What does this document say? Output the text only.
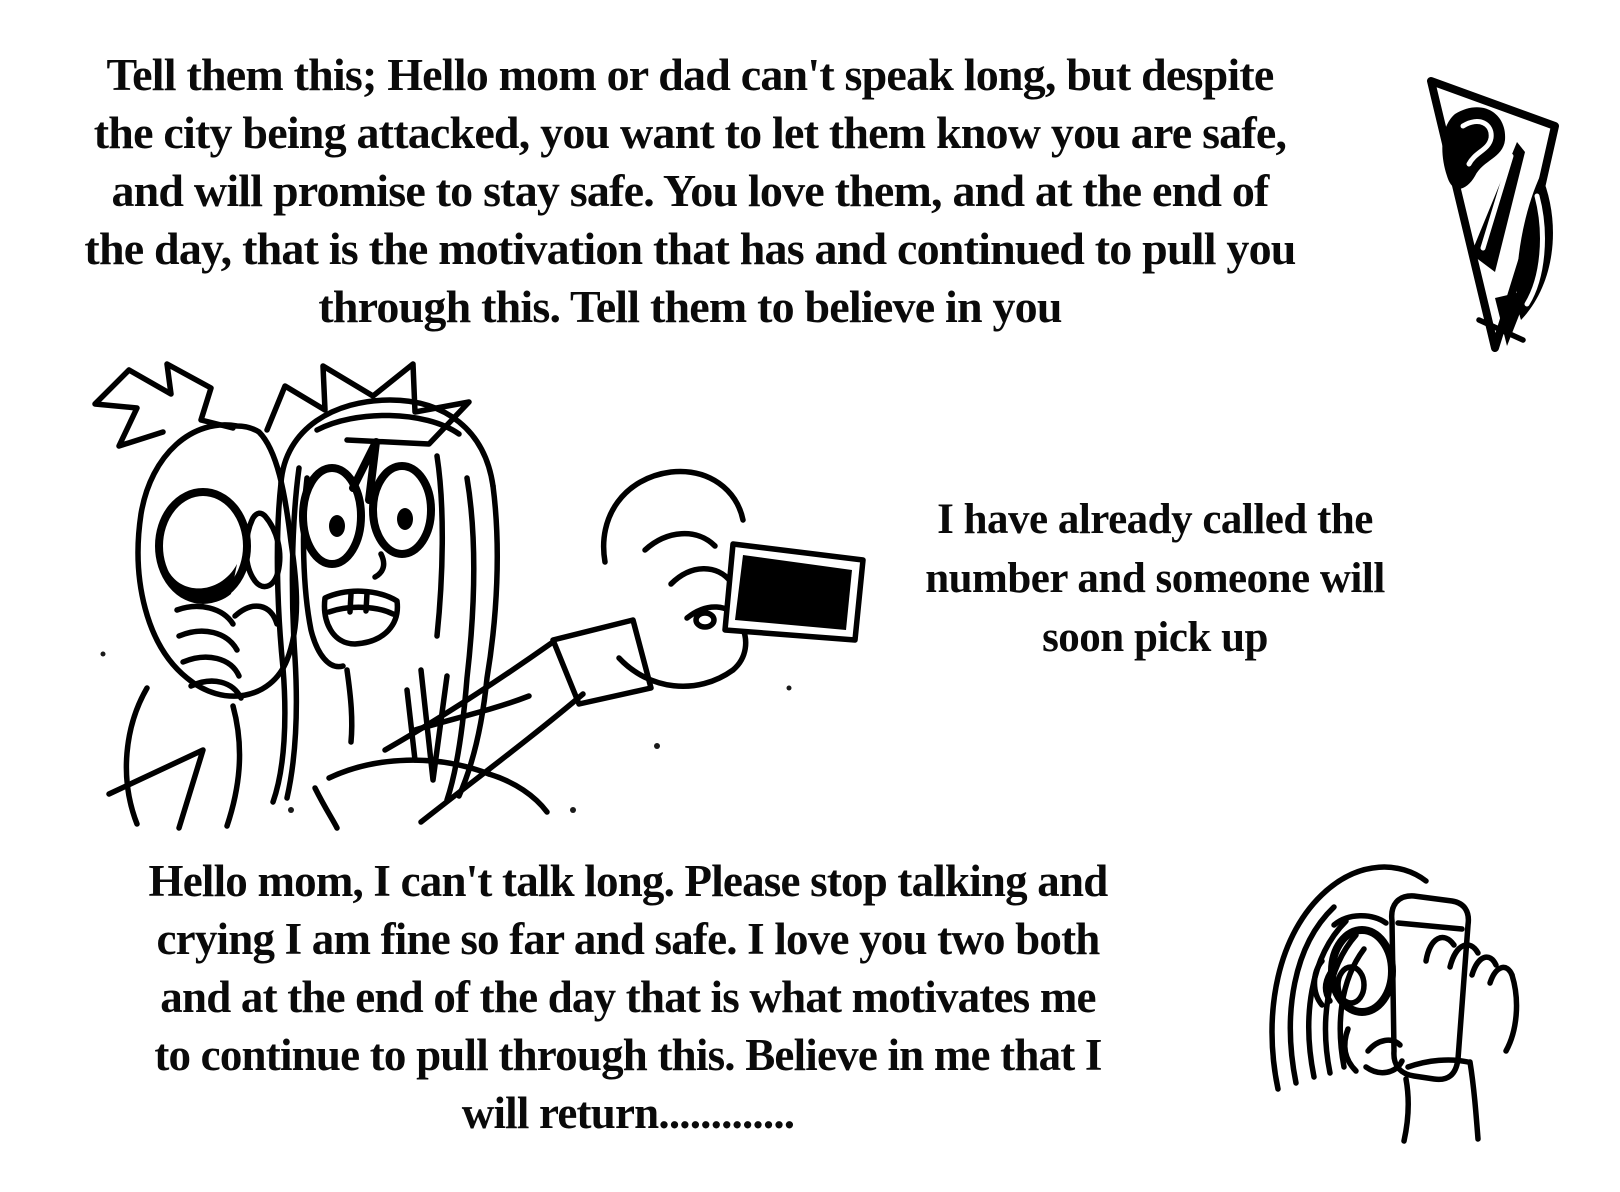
Tell them this; Hello mom or dad can't speak long, but despite
the city being attacked, you want to let them know you are safe,
and will promise to stay safe. You love them, and at the end of
the day, that is the motivation that has and continued to pull you
through this. Tell them to believe in you
I have already called the
number and someone will
soon pick up
Hello mom, I can't talk long. Please stop talking and
crying I am fine so far and safe. I love you two both
and at the end of the day that is what motivates me
to continue to pull through this. Believe in me that I
will return.............
